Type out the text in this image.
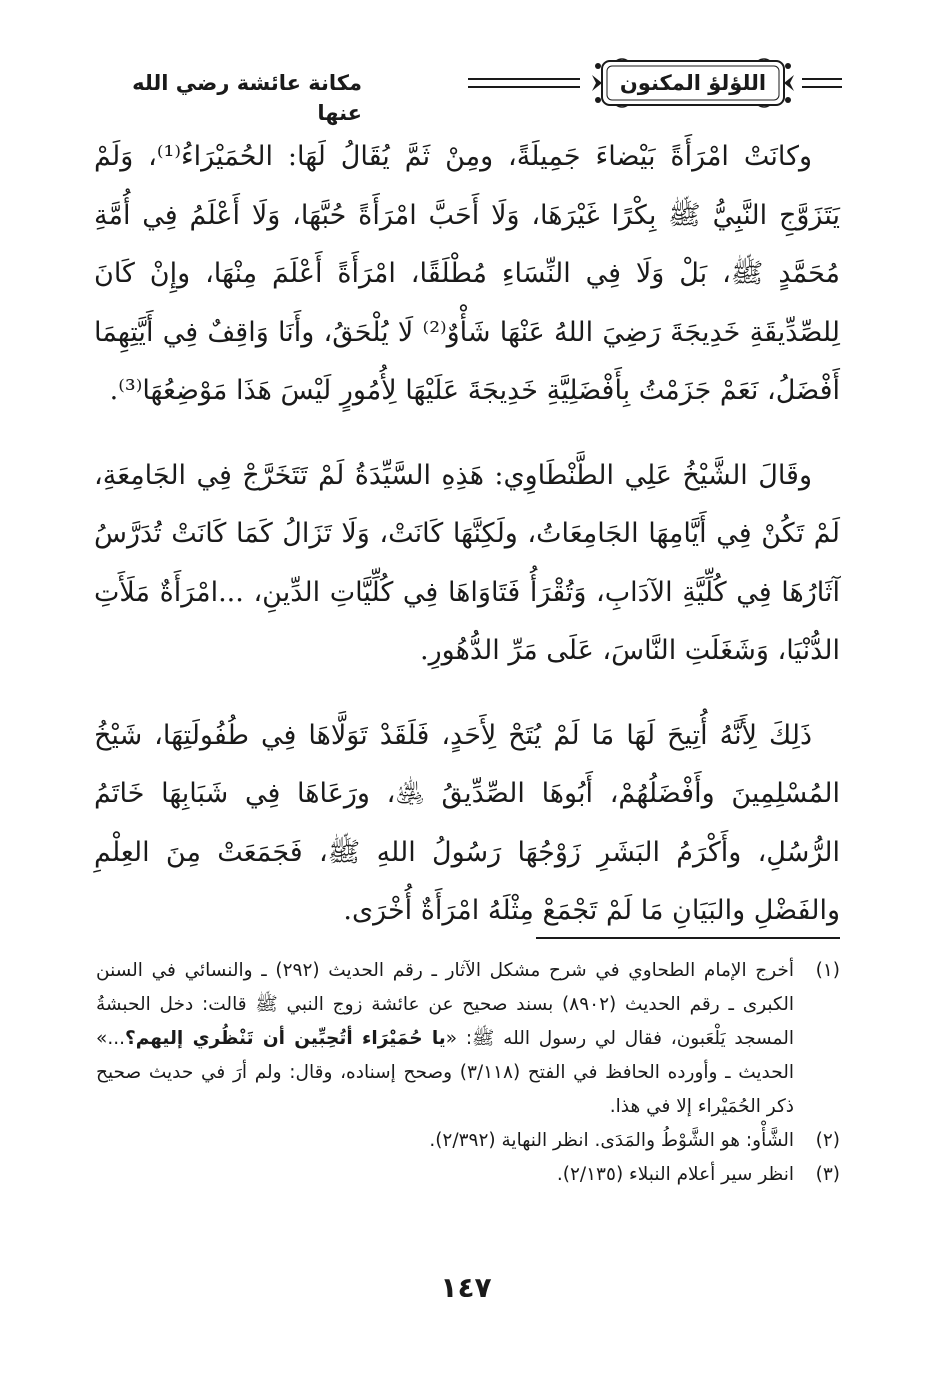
اللؤلؤ المكنون
مكانة عائشة رضي الله عنها

وكانَتْ امْرَأَةً بَيْضاءَ جَمِيلَةً، ومِنْ ثَمَّ يُقَالُ لَهَا: الحُمَيْرَاءُ⁽¹⁾، وَلَمْ يَتَزَوَّجِ النَّبِيُّ ﷺ بِكْرًا غَيْرَهَا، وَلَا أَحَبَّ امْرَأَةً حُبَّهَا، وَلَا أَعْلَمُ فِي أُمَّةِ مُحَمَّدٍ ﷺ، بَلْ وَلَا فِي النِّسَاءِ مُطْلَقًا، امْرَأَةً أَعْلَمَ مِنْهَا، وإِنْ كَانَ لِلصِّدِّيقَةِ خَدِيجَةَ رَضِيَ اللهُ عَنْهَا شَأْوٌ⁽²⁾ لَا يُلْحَقُ، وأَنَا وَاقِفٌ فِي أَيَّتِهِمَا أَفْضَلُ، نَعَمْ جَزَمْتُ بِأَفْضَلِيَّةِ خَدِيجَةَ عَلَيْهَا لِأُمُورٍ لَيْسَ هَذَا مَوْضِعُهَا⁽³⁾.

وقَالَ الشَّيْخُ عَلِي الطَّنْطَاوِي: هَذِهِ السَّيِّدَةُ لَمْ تَتَخَرَّجْ فِي الجَامِعَةِ، لَمْ تَكُنْ فِي أَيَّامِهَا الجَامِعَاتُ، ولَكِنَّهَا كَانَتْ، وَلَا تَزَالُ كَمَا كَانَتْ تُدَرَّسُ آثَارُهَا فِي كُلِّيَّةِ الآدَابِ، وَتُقْرَأُ فَتَاوَاهَا فِي كُلِّيَّاتِ الدِّينِ، ...امْرَأَةٌ مَلَأَتِ الدُّنْيَا، وَشَغَلَتِ النَّاسَ، عَلَى مَرِّ الدُّهُورِ.

ذَلِكَ لِأَنَّهُ أُتِيحَ لَهَا مَا لَمْ يُتَحْ لِأَحَدٍ، فَلَقَدْ تَوَلَّاهَا فِي طُفُولَتِهَا، شَيْخُ المُسْلِمِينَ وأَفْضَلُهُمْ، أَبُوهَا الصِّدِّيقُ ﵁، ورَعَاهَا فِي شَبَابِهَا خَاتَمُ الرُّسُلِ، وأَكْرَمُ البَشَرِ زَوْجُهَا رَسُولُ اللهِ ﷺ، فَجَمَعَتْ مِنَ العِلْمِ والفَضْلِ والبَيَانِ مَا لَمْ تَجْمَعْ مِثْلَهُ امْرَأَةٌ أُخْرَى.

(١)
أخرج الإمام الطحاوي في شرح مشكل الآثار ـ رقم الحديث (٢٩٢) ـ والنسائي في السنن الكبرى ـ رقم الحديث (٨٩٠٢) بسند صحيح عن عائشة زوج النبي ﷺ قالت: دخل الحبشةُ المسجد يَلْعَبون، فقال لي رسول الله ﷺ: «يا حُمَيْرَاء أتُحِبِّين أن تَنْظُري إليهم؟...» الحديث ـ وأورده الحافظ في الفتح (٣/١١٨) وصحح إسناده، وقال: ولم أرَ في حديث صحيح ذكر الحُمَيْراء إلا في هذا.
(٢)
الشَّأْو: هو الشَّوْطُ والمَدَى. انظر النهاية (٢/٣٩٢).
(٣)
انظر سير أعلام النبلاء (٢/١٣٥).
١٤٧
